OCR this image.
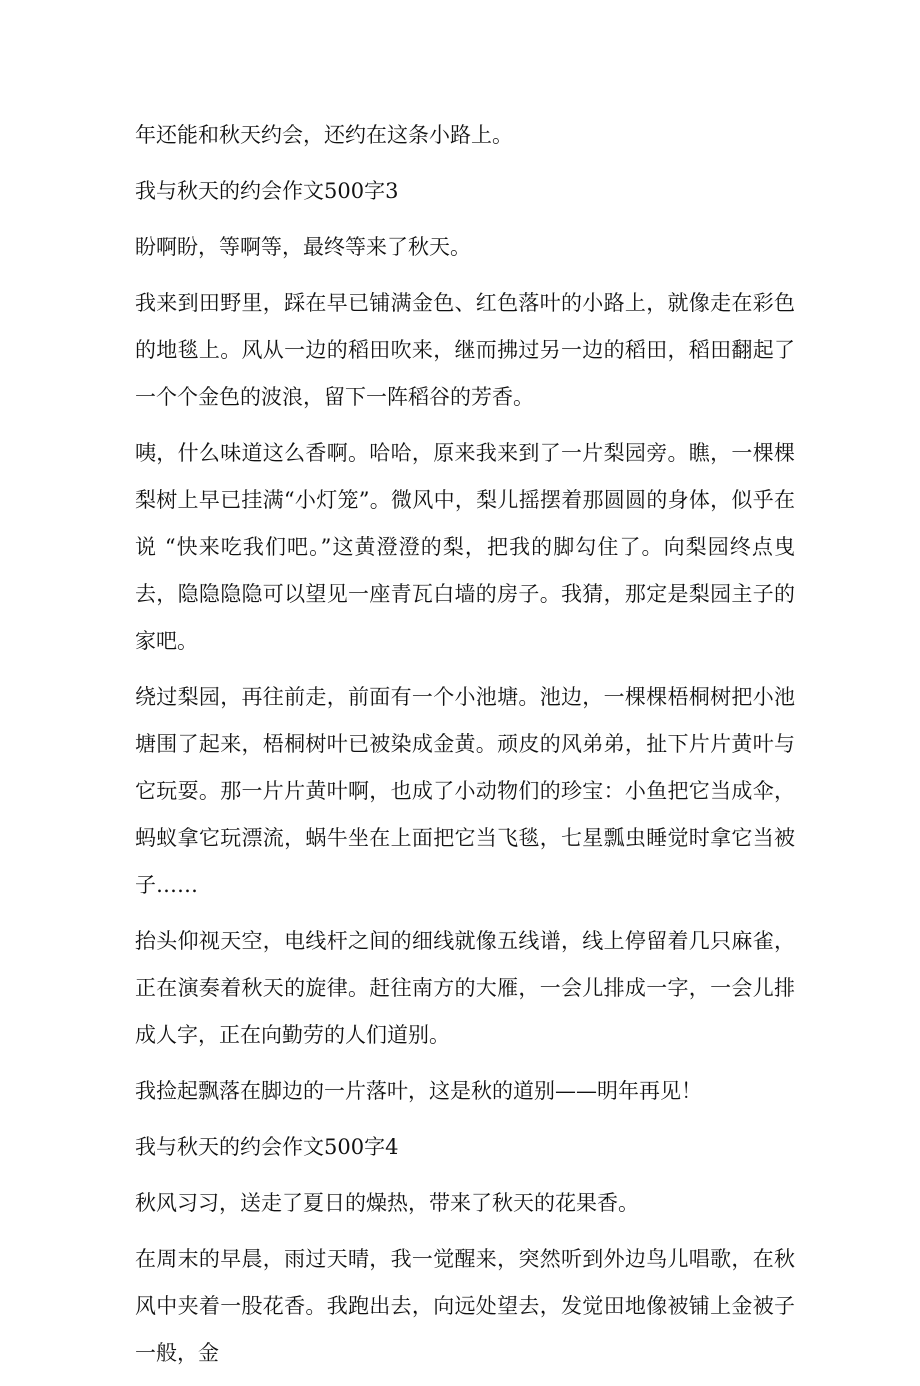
年还能和秋天约会，还约在这条小路上。

我与秋天的约会作文500字3

盼啊盼，等啊等，最终等来了秋天。

我来到田野里，踩在早已铺满金色、红色落叶的小路上，就像走在彩色的地毯上。风从一边的稻田吹来，继而拂过另一边的稻田，稻田翻起了一个个金色的波浪，留下一阵稻谷的芳香。

咦，什么味道这么香啊。哈哈，原来我来到了一片梨园旁。瞧，一棵棵梨树上早已挂满“小灯笼”。微风中，梨儿摇摆着那圆圆的身体，似乎在说 “快来吃我们吧。”这黄澄澄的梨，把我的脚勾住了。向梨园终点曳去，隐隐隐隐可以望见一座青瓦白墙的房子。我猜，那定是梨园主子的家吧。

绕过梨园，再往前走，前面有一个小池塘。池边，一棵棵梧桐树把小池塘围了起来，梧桐树叶已被染成金黄。顽皮的风弟弟，扯下片片黄叶与它玩耍。那一片片黄叶啊，也成了小动物们的珍宝：小鱼把它当成伞，蚂蚁拿它玩漂流，蜗牛坐在上面把它当飞毯，七星瓢虫睡觉时拿它当被子……

抬头仰视天空，电线杆之间的细线就像五线谱，线上停留着几只麻雀，正在演奏着秋天的旋律。赶往南方的大雁，一会儿排成一字，一会儿排成人字，正在向勤劳的人们道别。

我捡起飘落在脚边的一片落叶，这是秋的道别——明年再见！

我与秋天的约会作文500字4

秋风习习，送走了夏日的燥热，带来了秋天的花果香。

在周末的早晨，雨过天晴，我一觉醒来，突然听到外边鸟儿唱歌，在秋风中夹着一股花香。我跑出去，向远处望去，发觉田地像被铺上金被子一般，金
